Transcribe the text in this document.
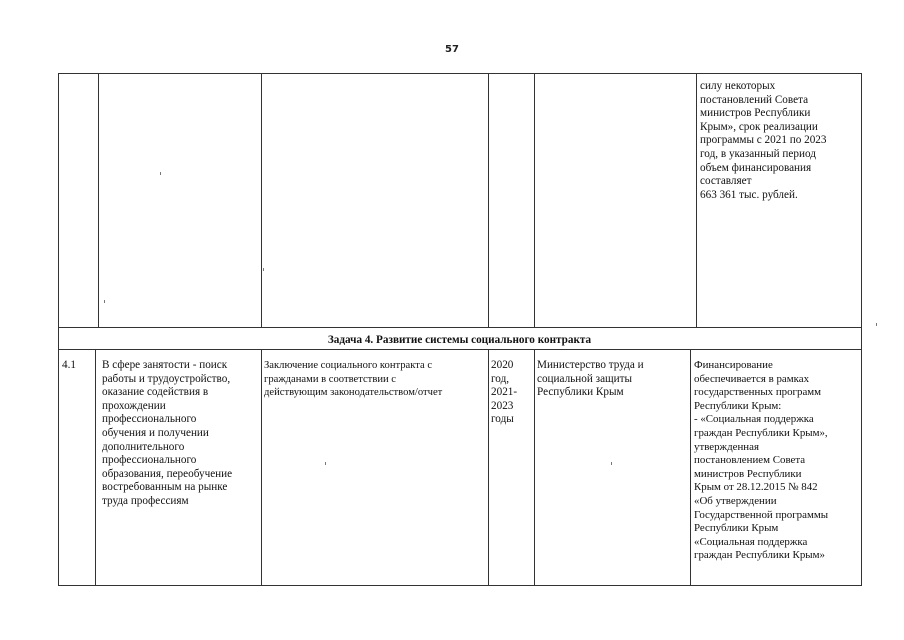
57
силу некоторых
постановлений Совета
министров Республики
Крым», срок реализации
программы с 2021 по 2023
год, в указанный период
объем финансирования
составляет
663 361 тыс. рублей.
Задача 4. Развитие системы социального контракта
4.1	В сфере занятости - поиск
работы и трудоустройство,
оказание содействия в
прохождении
профессионального
обучения и получении
дополнительного
профессионального
образования, переобучение
востребованным на рынке
труда профессиям
Заключение социального контракта с
гражданами в соответствии с
действующим законодательством/отчет
2020
год,
2021-
2023
годы
Министерство труда и
социальной защиты
Республики Крым
Финансирование
обеспечивается в рамках
государственных программ
Республики Крым:
- «Социальная поддержка
граждан Республики Крым»,
утвержденная
постановлением Совета
министров Республики
Крым от 28.12.2015 № 842
«Об утверждении
Государственной программы
Республики Крым
«Социальная поддержка
граждан Республики Крым»
